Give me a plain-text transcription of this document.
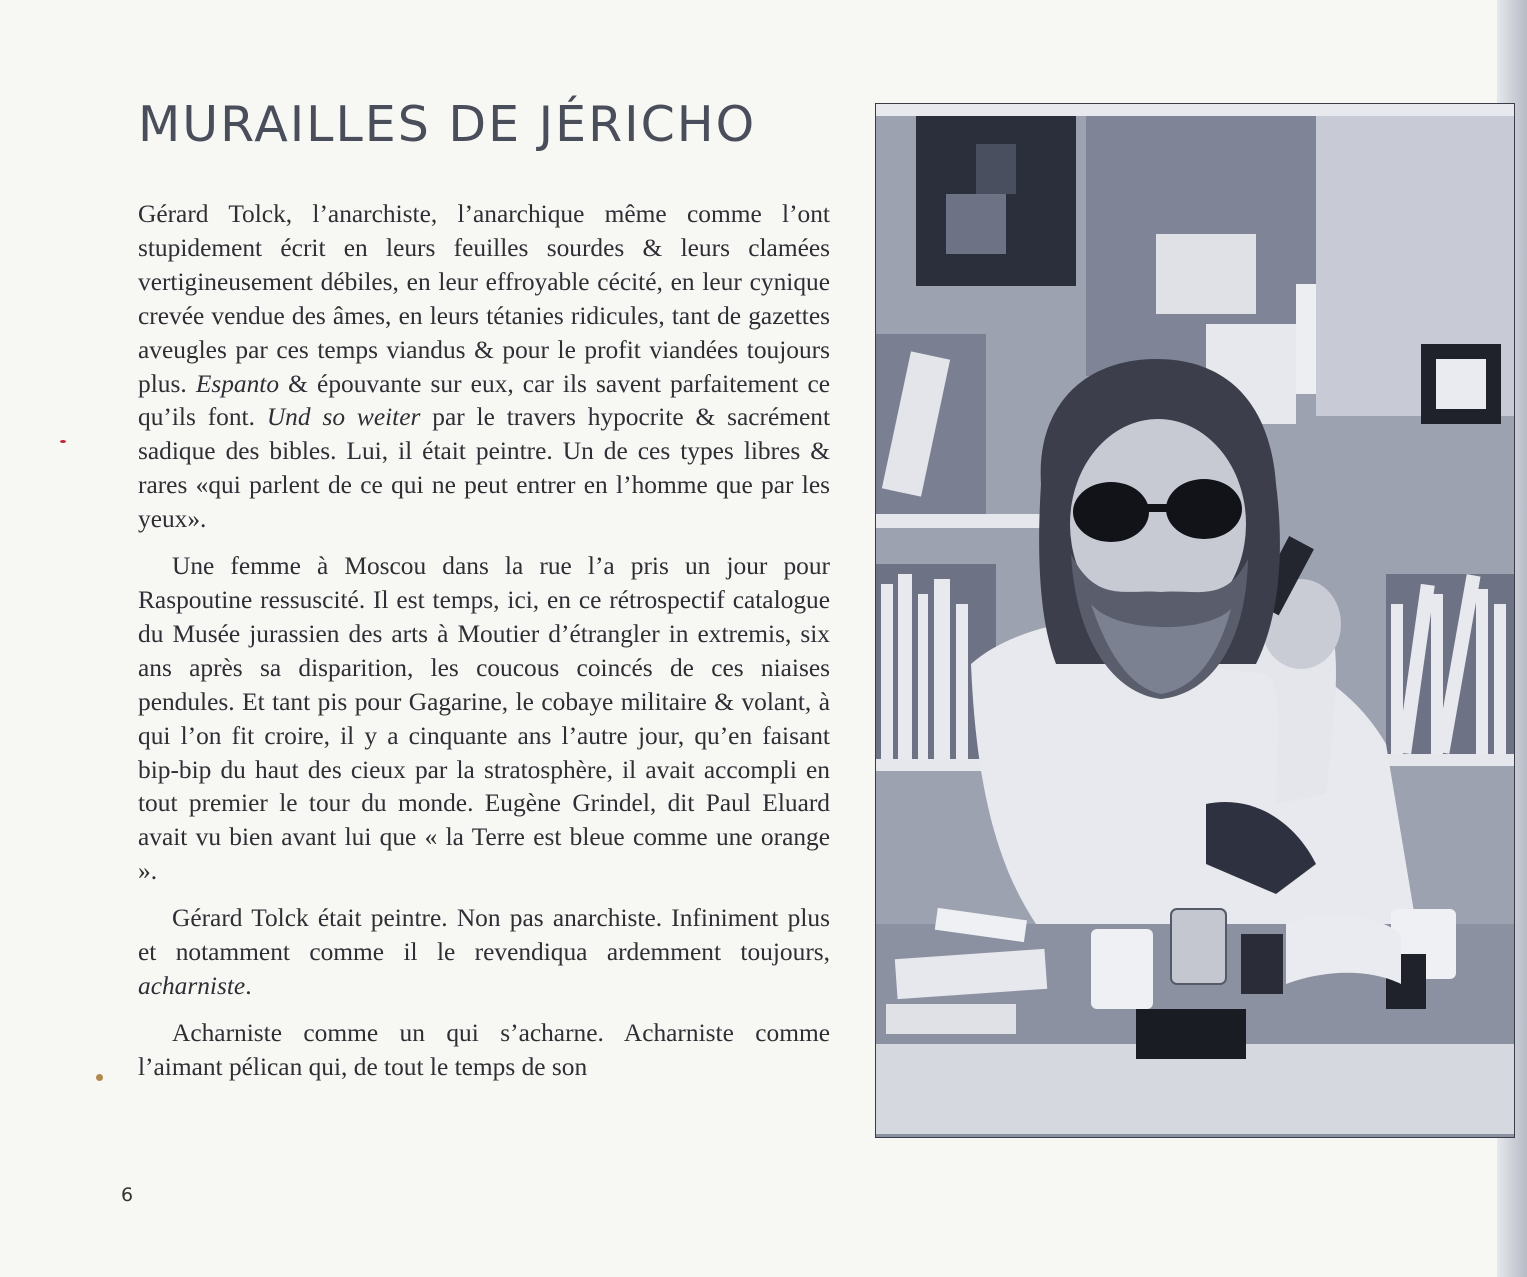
MURAILLES DE JÉRICHO

Gérard Tolck, l’anarchiste, l’anarchique même comme l’ont stupidement écrit en leurs feuilles sourdes & leurs clamées vertigineusement débiles, en leur effroyable cécité, en leur cynique crevée vendue des âmes, en leurs tétanies ridicules, tant de gazettes aveugles par ces temps viandus & pour le profit viandées toujours plus. Espanto & épouvante sur eux, car ils savent parfaitement ce qu’ils font. Und so weiter par le travers hypocrite & sacrément sadique des bibles. Lui, il était peintre. Un de ces types libres & rares «qui parlent de ce qui ne peut entrer en l’homme que par les yeux».

Une femme à Moscou dans la rue l’a pris un jour pour Raspoutine ressuscité. Il est temps, ici, en ce rétrospectif catalogue du Musée jurassien des arts à Moutier d’étrangler in extremis, six ans après sa disparition, les coucous coincés de ces niaises pendules. Et tant pis pour Gagarine, le cobaye militaire & volant, à qui l’on fit croire, il y a cinquante ans l’autre jour, qu’en faisant bip-bip du haut des cieux par la stratosphère, il avait accompli en tout premier le tour du monde. Eugène Grindel, dit Paul Eluard avait vu bien avant lui que « la Terre est bleue comme une orange ».

Gérard Tolck était peintre. Non pas anarchiste. Infiniment plus et notamment comme il le revendiqua ardemment toujours, acharniste.

Acharniste comme un qui s’acharne. Acharniste comme l’aimant pélican qui, de tout le temps de son

6
